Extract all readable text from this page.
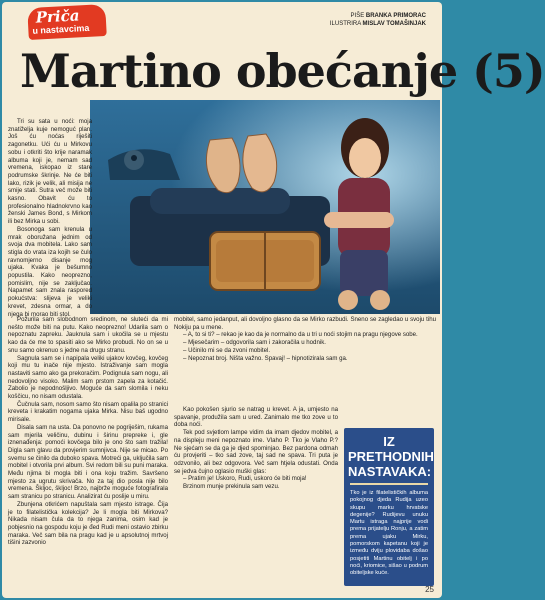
Priča
u nastavcima
PIŠE BRANKA PRIMORAC
ILUSTRIRA MISLAV TOMAŠINJAK
Martino obećanje (5)

Tri su sata u noći: moja znatiželja kuje nemoguć plan. Još ću noćas riješiti zagonetku. Ući ću u Mirkovu sobu i otkriti što krije naramak albuma koji je, nemam sad vremena, iskopao iz stare podrumske škrinje. Ne će biti lako, rizik je velik, ali misija ne smije stati. Sutra več može biti kasno. Obavit ću to profesionalno hladnokrvno kao ženski James Bond, s Mirkom ili bez Mirka u sobi.

Bosonoga sam krenula u mrak oboružana jednim od svoja dva mobitela. Lako sam stigla do vrata iza kojih se čulo ravnomjerno disanje mog ujaka. Kvaka je bešumno popustila. Kako neopreznо, pomislim, nije se zaključao. Napamet sam znala raspored pokućstva: slijeva je veliki krevet, zdesna ormar, a do njega bi morao biti stol.

Požurila sam slobodnom sredinom, ne sluteći da mi nešto može biti na putu. Kako neoprezno! Udarila sam o nepoznatu zapreku. Jauknula sam i ukočila se u mjestu kao da će me to spasiti ako se Mirko probudi. No on se u snu samo okrenuo s jedne na drugu stranu.

Sagnula sam se i napipala veliki ujakov kovčeg, kovčeg koji mu tu inače nije mjesto. Istraživanje sam mogla nastaviti samo ako ga prekoračim. Podignula sam nogu, ali nedovoljno visoko. Malim sam prstom zapela za kotačić. Zabolio je nepodnošljivo. Mogućе da sam slomila i neku koščicu, no nisam odustala.

Čučnula sam, nosom samo što nisam opalila po stranici kreveta i krakatim nogama ujaka Mirka. Nisu baš ugodno mirisale.

Disala sam na usta. Da ponovno ne pogriješim, rukama sam mjerila veličinu, dubinu i širinu prepreke i, gle iznenađenja: pomoći kovčega bilo je ono što sam tražila! Digla sam glavu da provjerim sumnjivca. Nije se micao. Po svemu se činilo da duboko spava. Motreći ga, uključila sam mobitel i otvorila prvi album. Svi redom bili su puni maraka. Među njima bi mogla biti i ona koju tražim. Savršeno mjesto za ugrutu skrivača. No za taj dio posla nije bilo vremena. Škljoc, škljoc! Brzo, najbrže moguće fotografirala sam stranicu po stranicu. Analizirat ću poslije u miru.

Zbunjena otkrićem napuštala sam mjesto istrage. Čija je to filatelistička kolekcija? Je li mogla biti Mirkova? Nikada nisam čula da to njega zanima, osim kad je pobjesnio na gospodu koju je đed Rudi meni ostavio zbirku maraka. Več sam bila na pragu kad je u apsolutnoj mrtvoj tišini zazvonio

mobitel, samo jedanput, ali dovoljno glasno da se Mirko razbudi. Sneno se zagledao u svoju tihu Nokiju pa u mene.

– A, to si ti? – rekao je kao da je normalno da u tri u noći stojim na pragu njegove sobe.

– Mjesečarim – odgovorila sam i zakoračila u hodnik.

– Učinilo mi se da zvoni mobitel.

– Nepoznat broj. Ništa važno. Spavaj! – hipnotizirala sam ga.

Kao pokošen sjurio se natrag u krevet. A ja, umjesto na spavanje, produžila sam u ured. Zanimalo me tko zove u to doba noći.

Tek pod svjetlom lampe vidim da imam djedov mobitel, a na displeju meni nepoznato ime. Vlaho P. Tko je Vlaho P.? Ne sjećam se da ga je djed spominjao. Bez pardona odmah ću provjeriti – tko sad zove, taj sad ne spava. Tri puta je odzvonilo, ali bez odgovora. Več sam htjela odustati. Onda se jedva čujno oglasio muški glas:

– Pratim je! Uskoro, Rudi, uskoro će biti moja!

Brzinom munje prekinula sam vezu.

IZ PRETHODNIH NASTAVAKA:
Tko je iz filatelističkih albuma pokojnog djeda Rudija uzeo skupu marku hrvatske degenije? Rudijevu unuku Martu istraga najprije vodi prema prijatelju Ronju, a zatim prema ujaku Mirku, pomorskom kapetanu koji je između dviju plovidaba došao posjetiti Martinu obitelj i po noći, kriomice, sišao u podrum obiteljske kuće.
25
